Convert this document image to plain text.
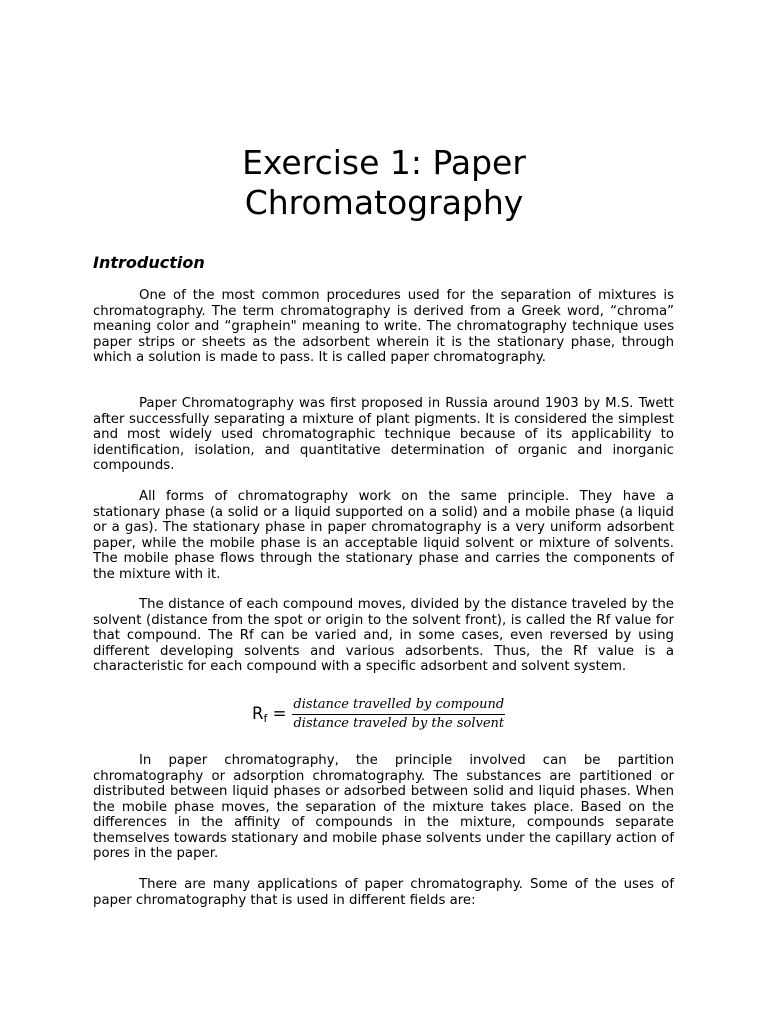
Exercise 1: Paper
Chromatography
Introduction

One of the most common procedures used for the separation of mixtures is chromatography. The term chromatography is derived from a Greek word, “chroma” meaning color and “graphein" meaning to write. The chromatography technique uses paper strips or sheets as the adsorbent wherein it is the stationary phase, through which a solution is made to pass. It is called paper chromatography.

Paper Chromatography was first proposed in Russia around 1903 by M.S. Twett after successfully separating a mixture of plant pigments. It is considered the simplest and most widely used chromatographic technique because of its applicability to identification, isolation, and quantitative determination of organic and inorganic compounds.

All forms of chromatography work on the same principle. They have a stationary phase (a solid or a liquid supported on a solid) and a mobile phase (a liquid or a gas). The stationary phase in paper chromatography is a very uniform adsorbent paper, while the mobile phase is an acceptable liquid solvent or mixture of solvents. The mobile phase flows through the stationary phase and carries the components of the mixture with it.

The distance of each compound moves, divided by the distance traveled by the solvent (distance from the spot or origin to the solvent front), is called the Rf value for that compound. The Rf can be varied and, in some cases, even reversed by using different developing solvents and various adsorbents. Thus, the Rf value is a characteristic for each compound with a specific adsorbent and solvent system.

$R_f = \frac{\text{distance travelled by compound}}{\text{distance traveled by the solvent}}$

In paper chromatography, the principle involved can be partition chromatography or adsorption chromatography. The substances are partitioned or distributed between liquid phases or adsorbed between solid and liquid phases. When the mobile phase moves, the separation of the mixture takes place. Based on the differences in the affinity of compounds in the mixture, compounds separate themselves towards stationary and mobile phase solvents under the capillary action of pores in the paper.

There are many applications of paper chromatography. Some of the uses of paper chromatography that is used in different fields are:
